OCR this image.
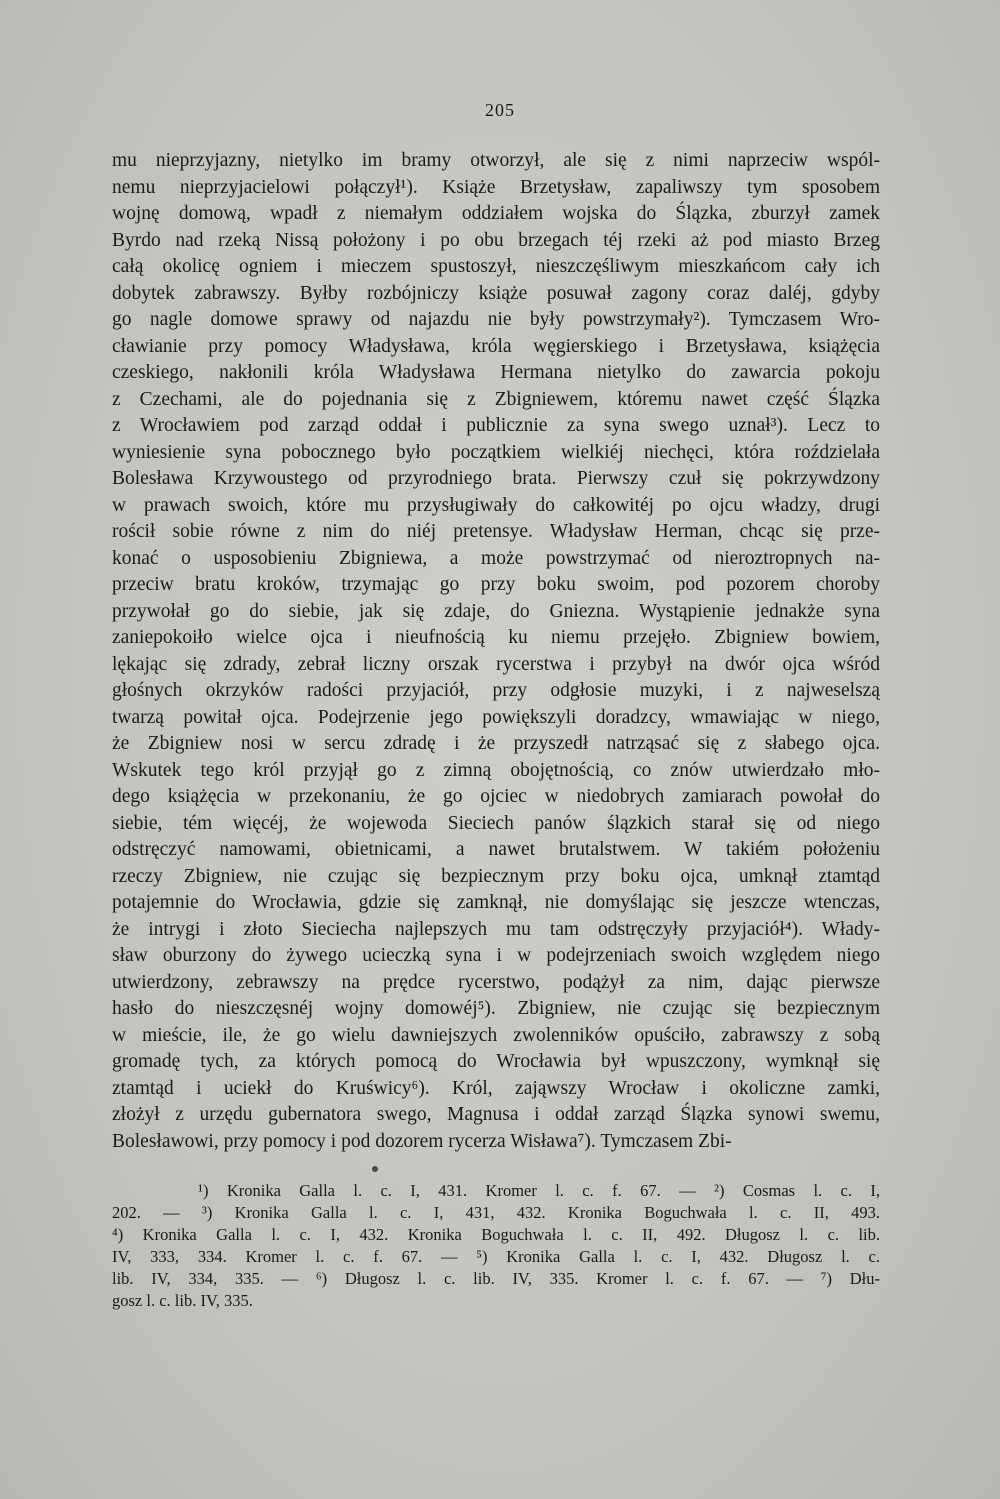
205
mu nieprzyjazny, nietylko im bramy otworzył, ale się z nimi naprzeciw wspól-
nemu nieprzyjacielowi połączył¹). Książe Brzetysław, zapaliwszy tym sposobem
wojnę domową, wpadł z niemałym oddziałem wojska do Ślązka, zburzył zamek
Byrdo nad rzeką Nissą położony i po obu brzegach téj rzeki aż pod miasto Brzeg
całą okolicę ogniem i mieczem spustoszył, nieszczęśliwym mieszkańcom cały ich
dobytek zabrawszy. Byłby rozbójniczy książe posuwał zagony coraz daléj, gdyby
go nagle domowe sprawy od najazdu nie były powstrzymały²). Tymczasem Wro-
cławianie przy pomocy Władysława, króla węgierskiego i Brzetysława, książęcia
czeskiego, nakłonili króla Władysława Hermana nietylko do zawarcia pokoju
z Czechami, ale do pojednania się z Zbigniewem, któremu nawet część Ślązka
z Wrocławiem pod zarząd oddał i publicznie za syna swego uznał³). Lecz to
wyniesienie syna pobocznego było początkiem wielkiéj niechęci, która roździelała
Bolesława Krzywoustego od przyrodniego brata. Pierwszy czuł się pokrzywdzony
w prawach swoich, które mu przysługiwały do całkowitéj po ojcu władzy, drugi
rościł sobie równe z nim do niéj pretensye. Władysław Herman, chcąc się prze-
konać o usposobieniu Zbigniewa, a może powstrzymać od nieroztropnych na-
przeciw bratu kroków, trzymając go przy boku swoim, pod pozorem choroby
przywołał go do siebie, jak się zdaje, do Gniezna. Wystąpienie jednakże syna
zaniepokoiło wielce ojca i nieufnością ku niemu przejęło. Zbigniew bowiem,
lękając się zdrady, zebrał liczny orszak rycerstwa i przybył na dwór ojca wśród
głośnych okrzyków radości przyjaciół, przy odgłosie muzyki, i z najweselszą
twarzą powitał ojca. Podejrzenie jego powiększyli doradzcy, wmawiając w niego,
że Zbigniew nosi w sercu zdradę i że przyszedł natrząsać się z słabego ojca.
Wskutek tego król przyjął go z zimną obojętnością, co znów utwierdzało mło-
dego książęcia w przekonaniu, że go ojciec w niedobrych zamiarach powołał do
siebie, tém więcéj, że wojewoda Sieciech panów ślązkich starał się od niego
odstręczyć namowami, obietnicami, a nawet brutalstwem. W takiém położeniu
rzeczy Zbigniew, nie czując się bezpiecznym przy boku ojca, umknął ztamtąd
potajemnie do Wrocławia, gdzie się zamknął, nie domyślając się jeszcze wtenczas,
że intrygi i złoto Sieciecha najlepszych mu tam odstręczyły przyjaciół⁴). Włady-
sław oburzony do żywego ucieczką syna i w podejrzeniach swoich względem niego
utwierdzony, zebrawszy na prędce rycerstwo, podążył za nim, dając pierwsze
hasło do nieszczęsnéj wojny domowéj⁵). Zbigniew, nie czując się bezpiecznym
w mieście, ile, że go wielu dawniejszych zwolenników opuściło, zabrawszy z sobą
gromadę tych, za których pomocą do Wrocławia był wpuszczony, wymknął się
ztamtąd i uciekł do Kruświcy⁶). Król, zająwszy Wrocław i okoliczne zamki,
złożył z urzędu gubernatora swego, Magnusa i oddał zarząd Ślązka synowi swemu,
Bolesławowi, przy pomocy i pod dozorem rycerza Wisława⁷). Tymczasem Zbi-
¹) Kronika Galla l. c. I, 431. Kromer l. c. f. 67. — ²) Cosmas l. c. I,
202. — ³) Kronika Galla l. c. I, 431, 432. Kronika Boguchwała l. c. II, 493.
⁴) Kronika Galla l. c. I, 432. Kronika Boguchwała l. c. II, 492. Długosz l. c. lib.
IV, 333, 334. Kromer l. c. f. 67. — ⁵) Kronika Galla l. c. I, 432. Długosz l. c.
lib. IV, 334, 335. — ⁶) Długosz l. c. lib. IV, 335. Kromer l. c. f. 67. — ⁷) Dłu-
gosz l. c. lib. IV, 335.
